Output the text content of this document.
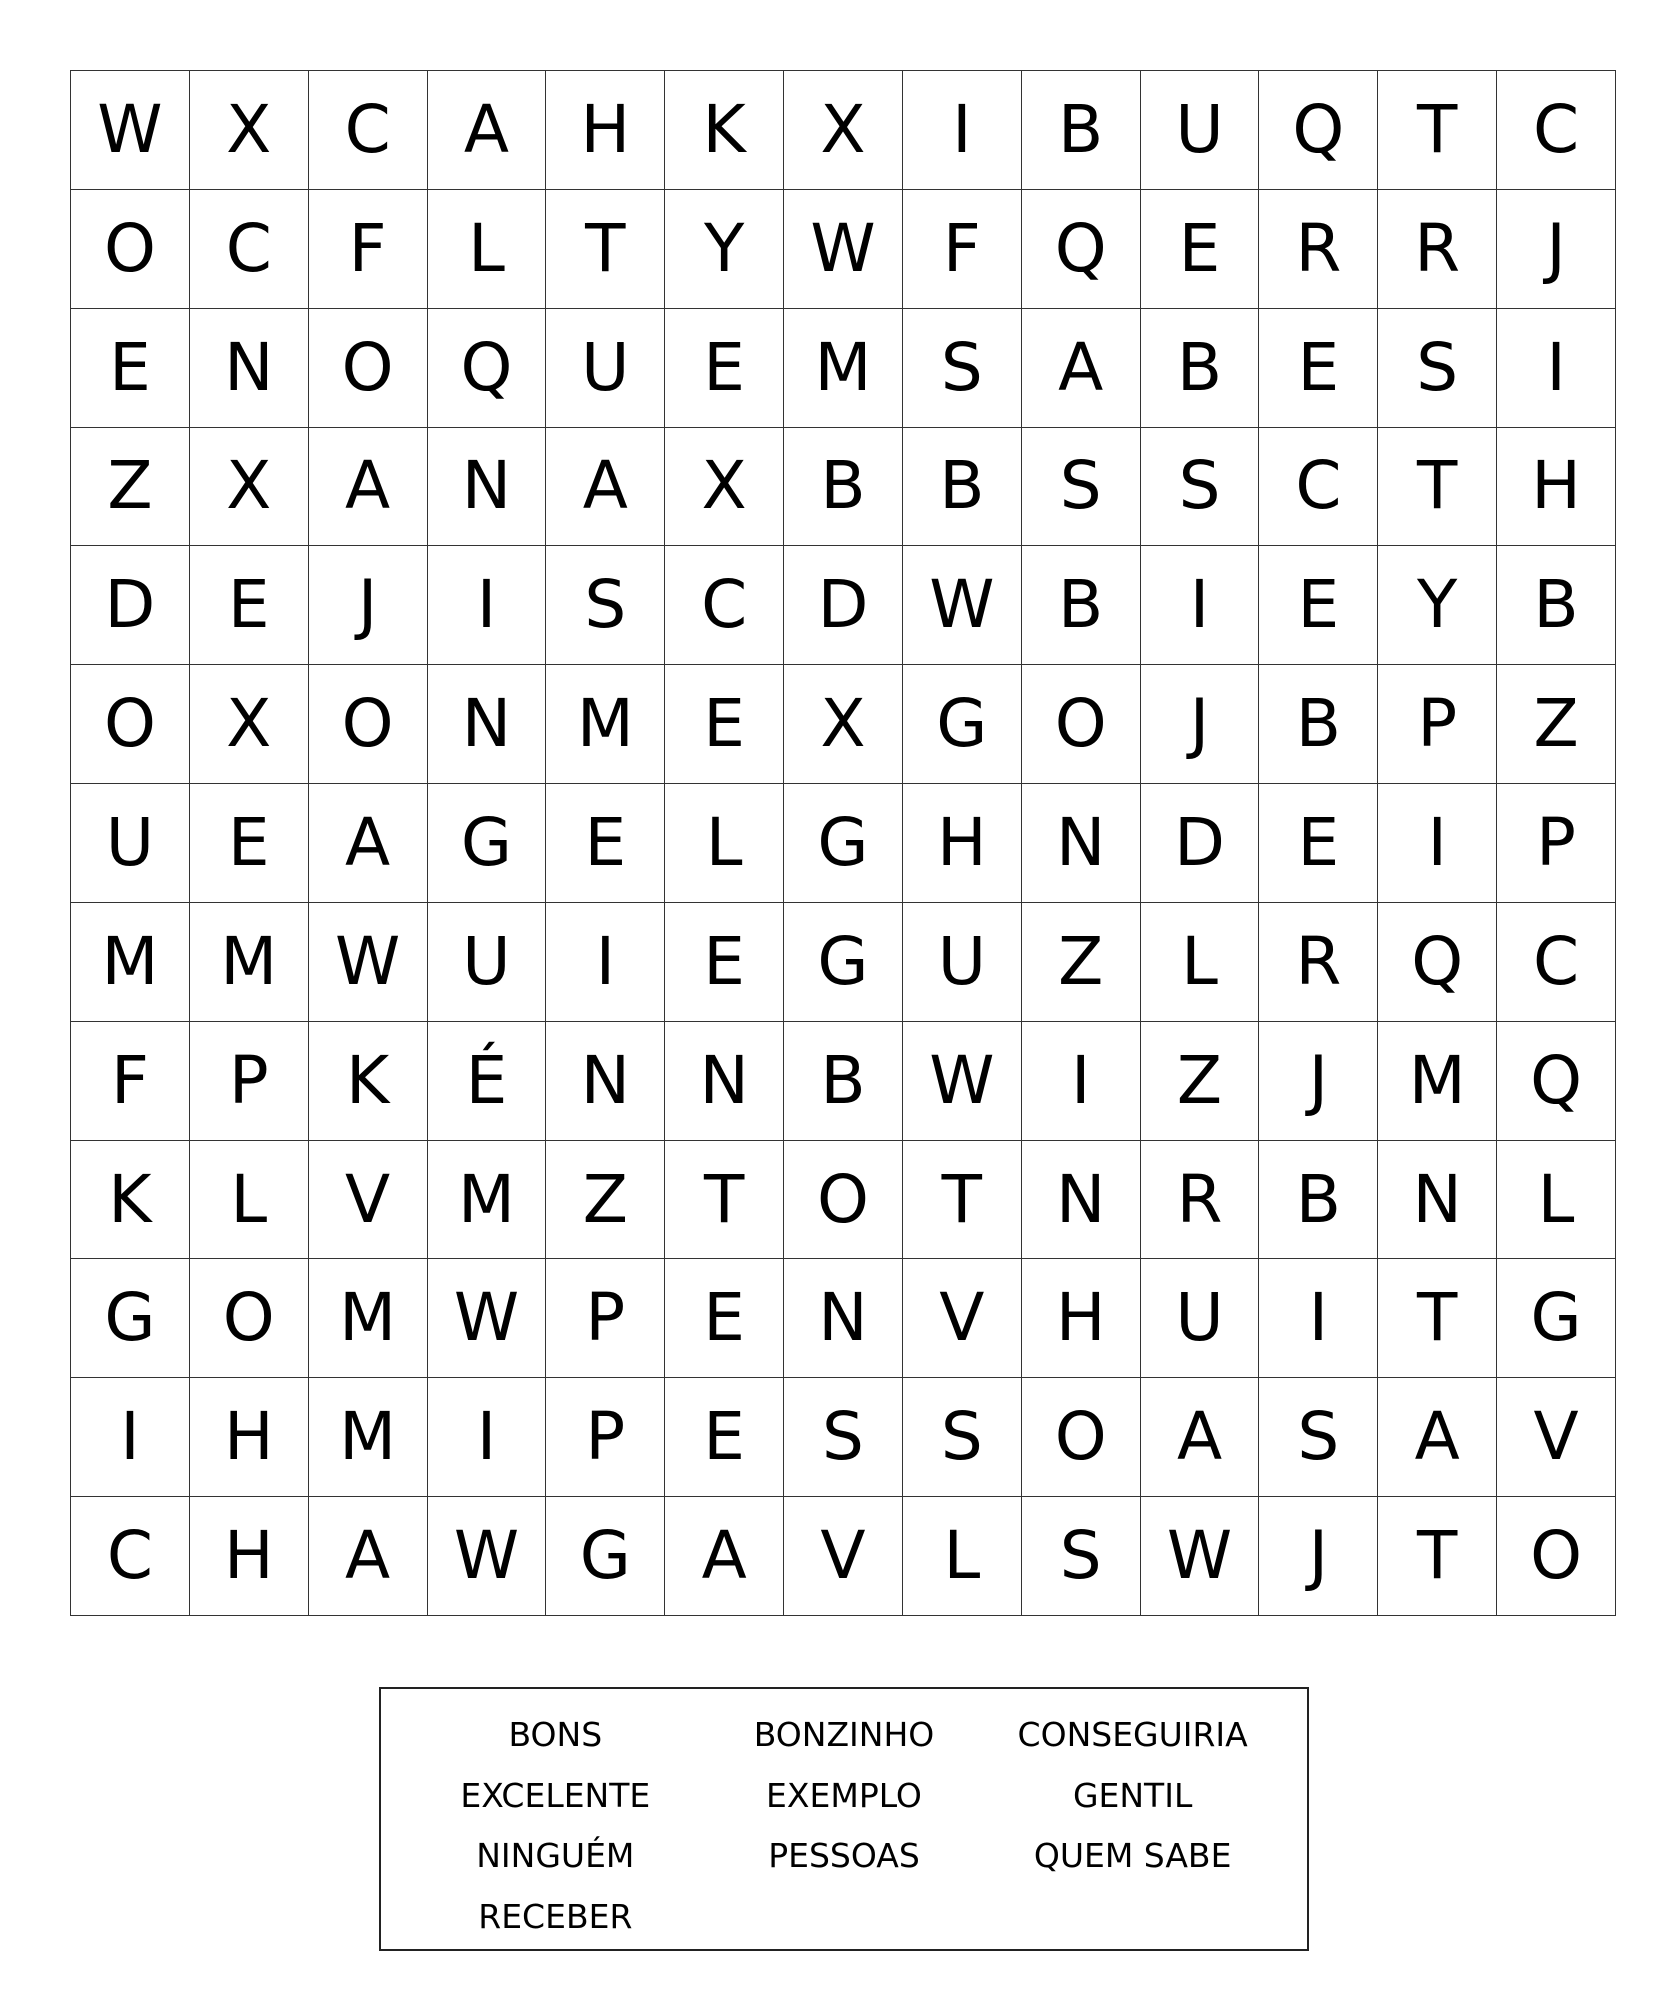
W X	C	A	H	K	X	I	B	U	Q	T	C
O	C	F	L	T	Y	W	F	Q	E	R	R	J
E	N	O	Q	U	E	M	S	A	B	E	S	I
Z	X	A	N	A	X	B	B	S	S	C	T	H
D	E	J	I	S	C	D W B	I	E	Y	B
O	X	O	N M	E	X	G	O	J	B	P	Z
U	E	A	G	E	L	G	H	N	D	E	I	P
M M W U	I	E	G	U	Z	L	R	Q	C
F	P	K	É	N	N	B W	I	Z	J	M Q
K	L	V	M	Z	T	O	T	N	R	B	N	L
G	O M W	P	E	N	V	H	U	I	T	G
I	H M	I	P	E	S	S	O	A	S	A	V
C	H	A W G	A	V	L	S W	J	T	O
BONS	BONZINHO	CONSEGUIRIA
EXCELENTE	EXEMPLO	GENTIL
NINGUÉM	PESSOAS	QUEM SABE
RECEBER
